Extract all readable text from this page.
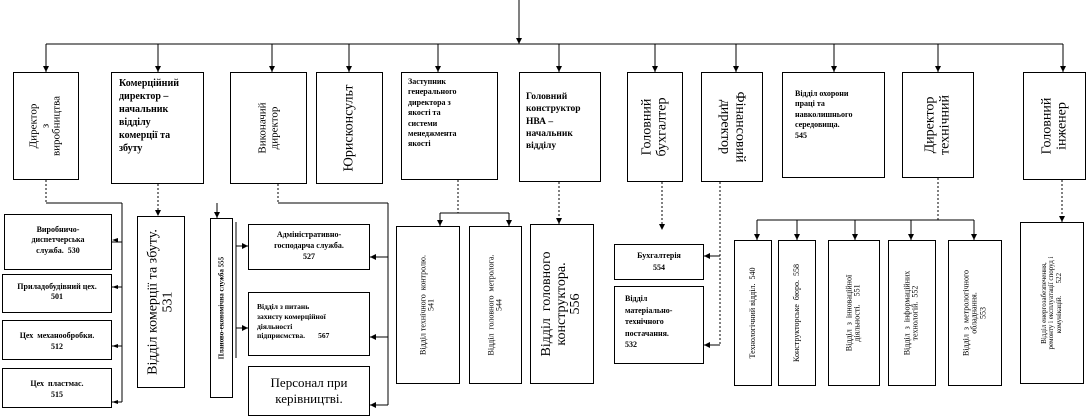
Директор
з
виробництва
Комерційний
директор –
начальник
відділу
комерції та
збуту	Виконачий
директор	Юрисконсульт
Заступник
генерального
директора з
якості та
системи
менеджмента
якості
Головний
конструктор
НВА –
начальник
відділу	Головний
бухгалтер	Фінансовий
директор
Відділ охорони
праці та
навколишнього
середовища.
545	Директор
технічний	Головний
інженер
Виробничо-
диспетчерська
служба.  530
Приладобудівний цех.
501
Цех  механообробки.
512
Цех  пластмас.
515
Відділ комерції та збуту.
531	Планово-економічна служба 555
Адміністративно-
господарча служба.
527
Відділ з питань
захисту комерційної
діяльності
підприємства.       567
Персонал при
керівництві.
Відділ технічного  контролю.
541
Відділ  головного  метролога.
544
Відділ  головного
конструктора.
556
Бухгалтерія
554
Відділ
матеріально-
технічного
постачання.
532	Технологічний відділ.  540	Конструкторське  бюро.  558	Відділ  з  інноваційної
діяльності.    551
Відділ  з  інформаційних
технологій.  552
Відділ  з  метрологічного
обладнання.
553
Відділ енергозабезпечення,
ремонту і експлуатації споруд і
комунікацій.       522
